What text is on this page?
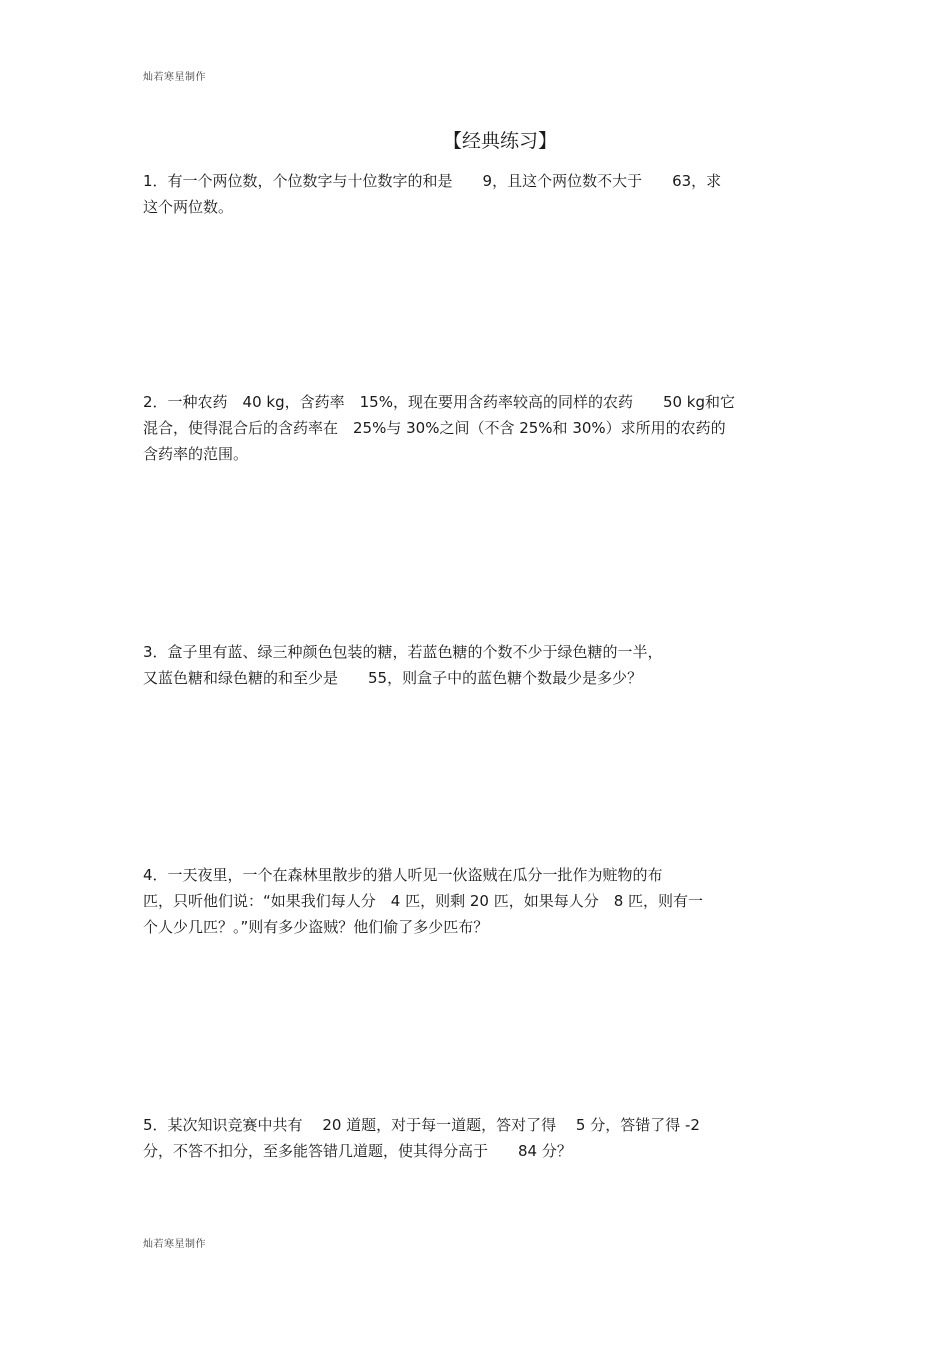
灿若寒星制作
【经典练习】
1．有一个两位数，个位数字与十位数字的和是　　9，且这个两位数不大于　　63，求
这个两位数。
2．一种农药　40 kg，含药率　15%，现在要用含药率较高的同样的农药　　50 kg和它
混合，使得混合后的含药率在　25%与 30%之间（不含 25%和 30%）求所用的农药的
含药率的范围。
3．盒子里有蓝、绿三种颜色包装的糖，若蓝色糖的个数不少于绿色糖的一半，
又蓝色糖和绿色糖的和至少是　　55，则盒子中的蓝色糖个数最少是多少？
4．一天夜里，一个在森林里散步的猎人听见一伙盗贼在瓜分一批作为赃物的布
匹，只听他们说：“如果我们每人分　4 匹，则剩 20 匹，如果每人分　8 匹，则有一
个人少几匹？。”则有多少盗贼？他们偷了多少匹布？
5．某次知识竞赛中共有　 20 道题，对于每一道题，答对了得　 5 分，答错了得 -2
分，不答不扣分，至多能答错几道题，使其得分高于　　84 分？
灿若寒星制作
